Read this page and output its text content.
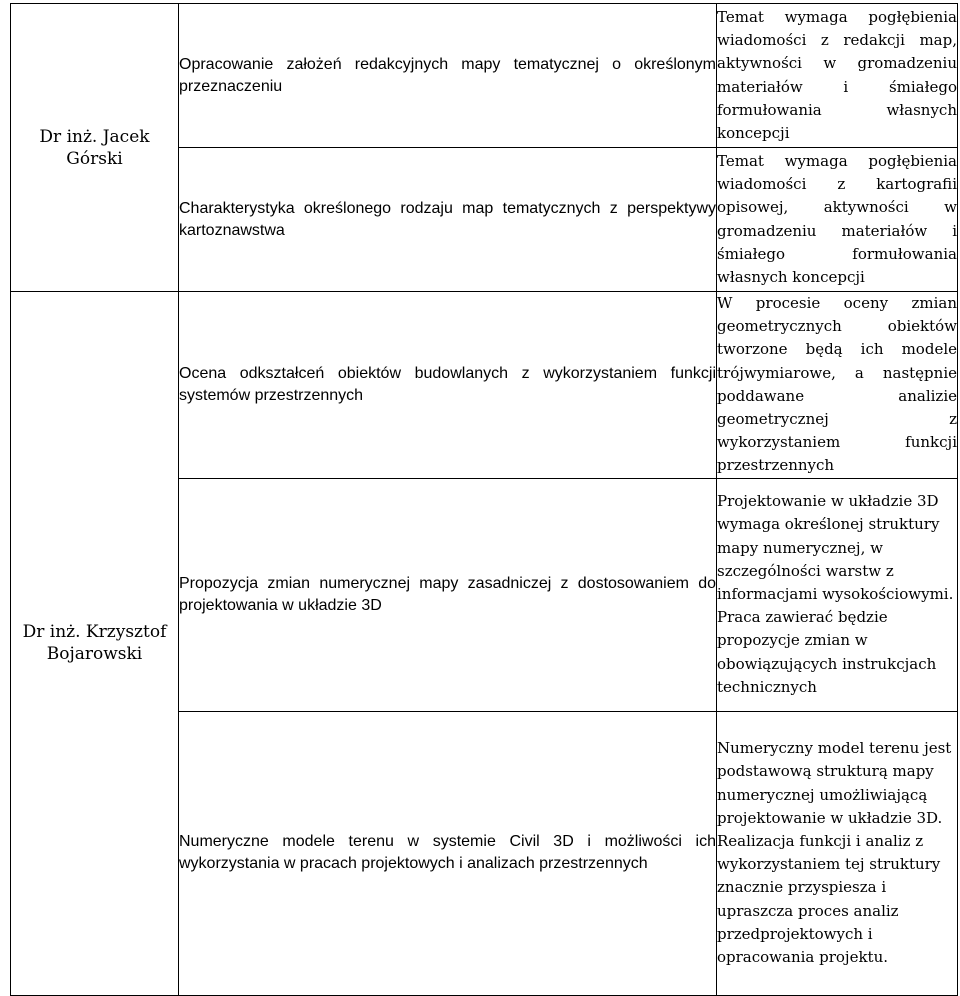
Dr inż. Jacek Górski	Opracowanie założeń redakcyjnych mapy tematycznej o określonym przeznaczeniu	Temat wymaga pogłębienia wiadomości z redakcji map, aktywności w gromadzeniu materiałów i śmiałego formułowania własnych koncepcji
	Charakterystyka określonego rodzaju map tematycznych z perspektywy kartoznawstwa	Temat wymaga pogłębienia wiadomości z kartografii opisowej, aktywności w gromadzeniu materiałów i śmiałego formułowania własnych koncepcji
Dr inż. Krzysztof Bojarowski	Ocena odkształceń obiektów budowlanych z wykorzystaniem funkcji systemów przestrzennych	W procesie oceny zmian geometrycznych obiektów tworzone będą ich modele trójwymiarowe, a następnie poddawane analizie geometrycznej z wykorzystaniem funkcji przestrzennych
	Propozycja zmian numerycznej mapy zasadniczej z dostosowaniem do projektowania w układzie 3D	Projektowanie w układzie 3D wymaga określonej struktury mapy numerycznej, w szczególności warstw z informacjami wysokościowymi. Praca zawierać będzie propozycje zmian w obowiązujących instrukcjach technicznych
	Numeryczne modele terenu w systemie Civil 3D i możliwości ich wykorzystania w pracach projektowych i analizach przestrzennych	Numeryczny model terenu jest podstawową strukturą mapy numerycznej umożliwiającą projektowanie w układzie 3D. Realizacja funkcji i analiz z wykorzystaniem tej struktury znacznie przyspiesza i upraszcza proces analiz przedprojektowych i opracowania projektu.
